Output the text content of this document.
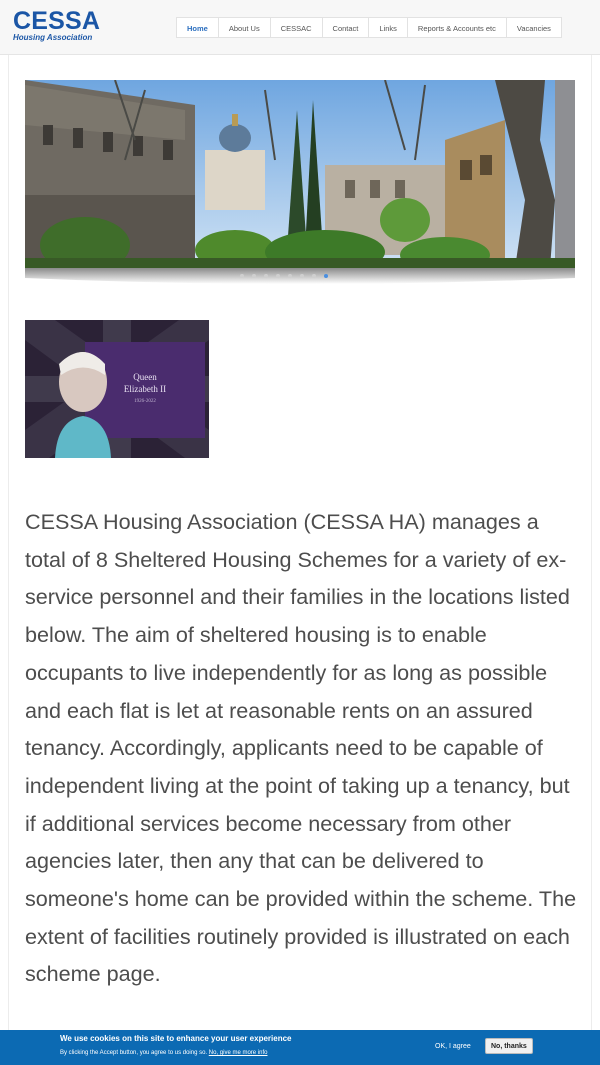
CESSA
Housing Association
Home	About Us	CESSAC	Contact	Links	Reports & Accounts etc	Vacancies
Queen
Elizabeth II
1926-2022

CESSA Housing Association (CESSA HA) manages a total of 8 Sheltered Housing Schemes for a variety of ex-service personnel and their families in the locations listed below. The aim of sheltered housing is to enable occupants to live independently for as long as possible and each flat is let at reasonable rents on an assured tenancy. Accordingly, applicants need to be capable of independent living at the point of taking up a tenancy, but if additional services become necessary from other agencies later, then any that can be delivered to someone's home can be provided within the scheme. The extent of facilities routinely provided is illustrated on each scheme page.

We use cookies on this site to enhance your user experience
By clicking the Accept button, you agree to us doing so. No, give me more info
OK, I agree	No, thanks
